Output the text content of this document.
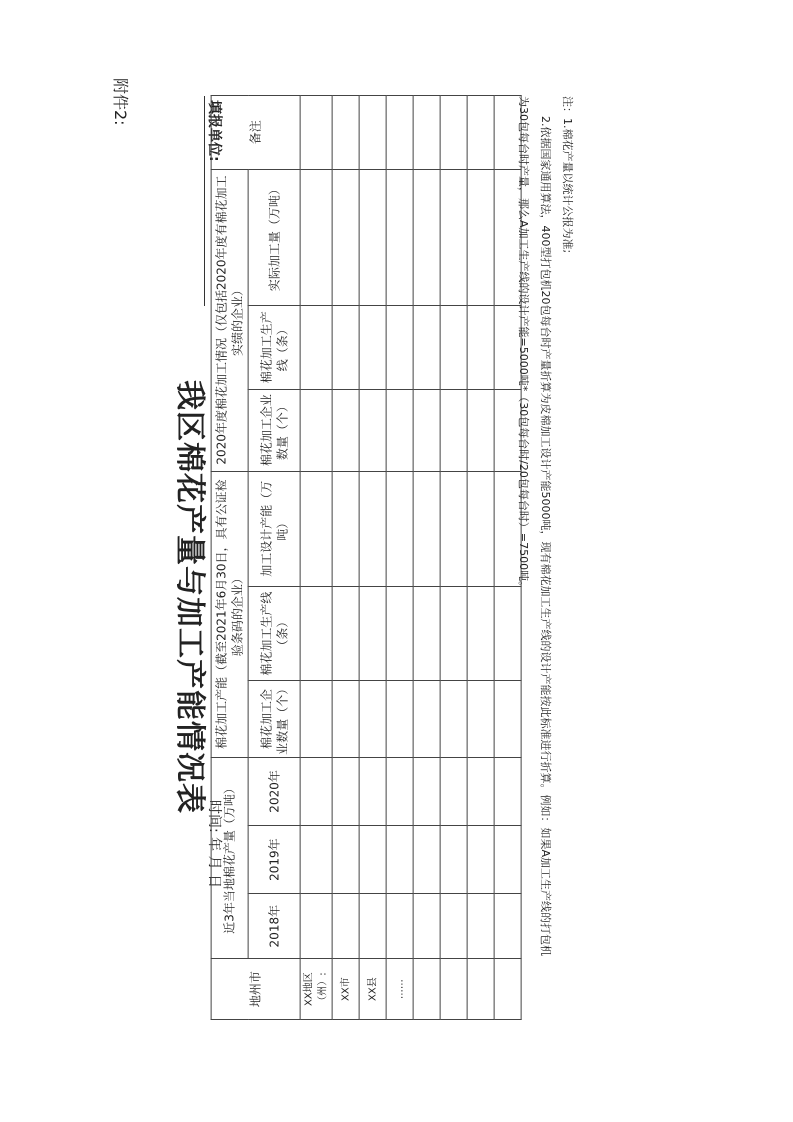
附件2:
我区棉花产量与加工产能情况表
填报单位:
时间: 年 月 日
地州市	近3年当地棉花产量（万吨）			棉花加工产能（截至2021年6月30日，具有公证检验条码的企业）			2020年度棉花加工情况（仅包括2020年度有棉花加工实绩的企业）			备注
	2018年	2019年	2020年	棉花加工企业数量（个）	棉花加工生产线（条）	加工设计产能（万吨）	棉花加工企业数量（个）	棉花加工生产线（条）	实际加工量（万吨）	
XX地区（州）:										
XX市										
XX县										
……										

注：1.棉花产量以统计公报为准;
2.依据国家通用算法，400型打包机20包每台时产量折算为皮棉加工设计产能5000吨，现有棉花加工生产线的设计产能按此标准进行折算。例如：如果A加工生产线的打包机
为30包每台时产量，那么A加工生产线的设计产能=5000吨*（30包每台时/20包每台时）=7500吨。
